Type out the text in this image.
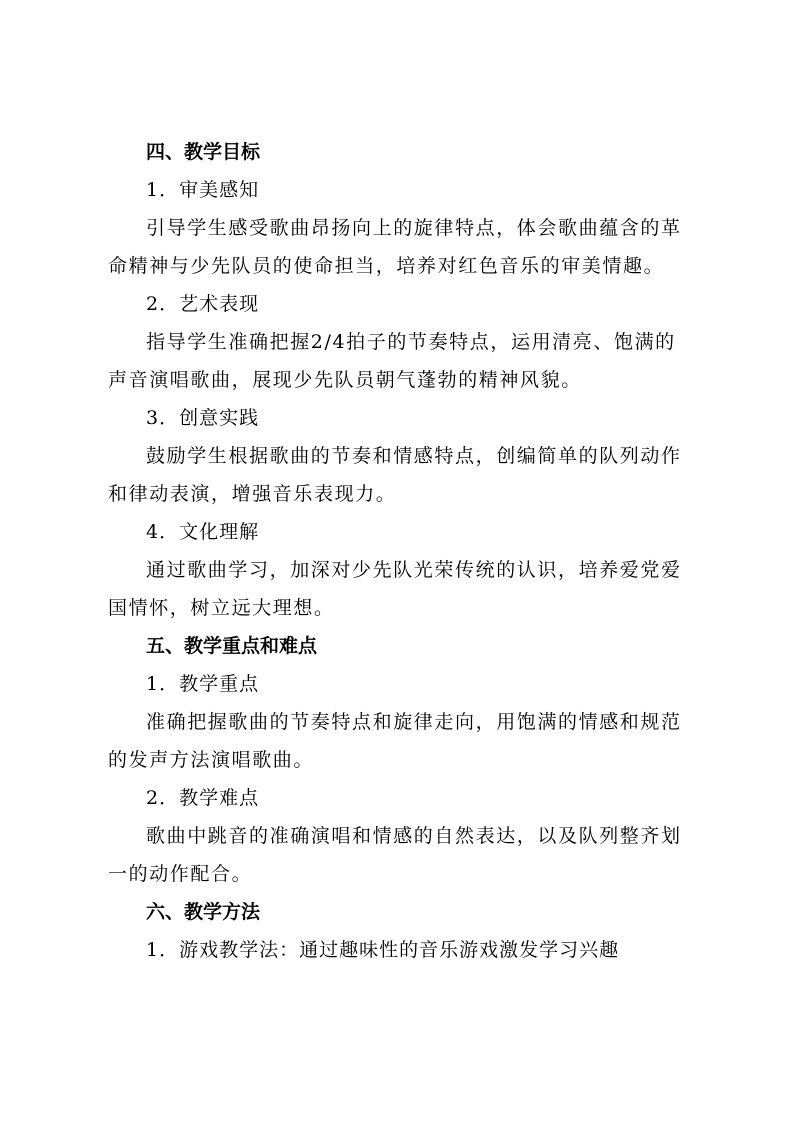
四、教学目标
1．审美感知
引导学生感受歌曲昂扬向上的旋律特点，体会歌曲蕴含的革
命精神与少先队员的使命担当，培养对红色音乐的审美情趣。
2．艺术表现
指导学生准确把握2/4拍子的节奏特点，运用清亮、饱满的
声音演唱歌曲，展现少先队员朝气蓬勃的精神风貌。
3．创意实践
鼓励学生根据歌曲的节奏和情感特点，创编简单的队列动作
和律动表演，增强音乐表现力。
4．文化理解
通过歌曲学习，加深对少先队光荣传统的认识，培养爱党爱
国情怀，树立远大理想。
五、教学重点和难点
1．教学重点
准确把握歌曲的节奏特点和旋律走向，用饱满的情感和规范
的发声方法演唱歌曲。
2．教学难点
歌曲中跳音的准确演唱和情感的自然表达，以及队列整齐划
一的动作配合。
六、教学方法
1．游戏教学法：通过趣味性的音乐游戏激发学习兴趣
